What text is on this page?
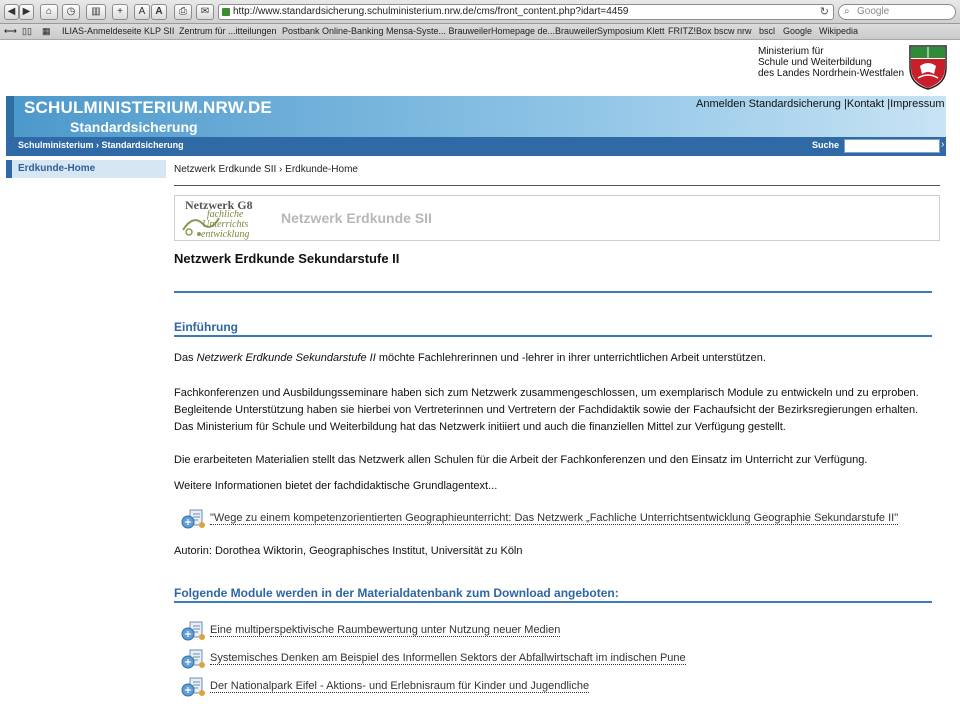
◀ ▶	⌂	◷	▥	+	A	A	⎙	✉	http://www.standardsicherung.schulministerium.nrw.de/cms/front_content.php?idart=4459	↻ ⌕ Google
⟷ ▯▯ ▦ ILIAS-Anmeldeseite KLP SII Zentrum für ...itteilungen Postbank Online-Banking Mensa-Syste... Brauweiler Homepage de...Brauweiler Symposium Klett FRITZ!Box bscw nrw bscl Google Wikipedia
Ministerium für
Schule und Weiterbildung
des Landes Nordrhein-Westfalen
SCHULMINISTERIUM.NRW.DE
Standardsicherung
Anmelden Standardsicherung |Kontakt |Impressum
Schulministerium › Standardsicherung	Suche	›
Erdkunde-Home	Netzwerk Erdkunde SII › Erdkunde-Home
Netzwerk G8
fachliche
Unterrichts
entwicklung
Netzwerk Erdkunde SII
Netzwerk Erdkunde Sekundarstufe II
Einführung

Das Netzwerk Erdkunde Sekundarstufe II möchte Fachlehrerinnen und -lehrer in ihrer unterrichtlichen Arbeit unterstützen.

Fachkonferenzen und Ausbildungsseminare haben sich zum Netzwerk zusammengeschlossen, um exemplarisch Module zu entwickeln und zu erproben. Begleitende Unterstützung haben sie hierbei von Vertreterinnen und Vertretern der Fachdidaktik sowie der Fachaufsicht der Bezirksregierungen erhalten. Das Ministerium für Schule und Weiterbildung hat das Netzwerk initiiert und auch die finanziellen Mittel zur Verfügung gestellt.

Die erarbeiteten Materialien stellt das Netzwerk allen Schulen für die Arbeit der Fachkonferenzen und den Einsatz im Unterricht zur Verfügung.

Weitere Informationen bietet der fachdidaktische Grundlagentext...

"Wege zu einem kompetenzorientierten Geographieunterricht: Das Netzwerk „Fachliche Unterrichtsentwicklung Geographie Sekundarstufe II"

Autorin: Dorothea Wiktorin, Geographisches Institut, Universität zu Köln

Folgende Module werden in der Materialdatenbank zum Download angeboten:
Eine multiperspektivische Raumbewertung unter Nutzung neuer Medien
Systemisches Denken am Beispiel des Informellen Sektors der Abfallwirtschaft im indischen Pune
Der Nationalpark Eifel - Aktions- und Erlebnisraum für Kinder und Jugendliche
